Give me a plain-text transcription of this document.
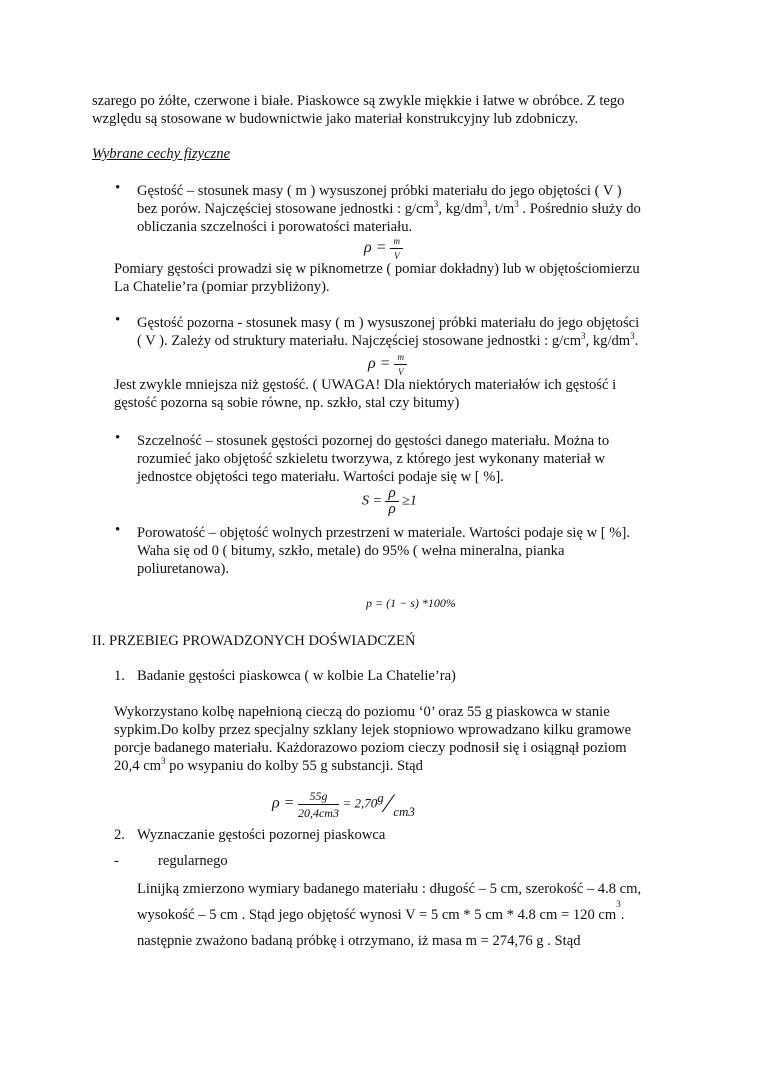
szarego po żółte, czerwone i białe. Piaskowce są zwykle miękkie i łatwe w obróbce. Z tego
względu są stosowane w budownictwie jako materiał konstrukcyjny lub zdobniczy.
Wybrane cechy fizyczne
• Gęstość – stosunek masy ( m ) wysuszonej próbki materiału do jego objętości ( V )
bez porów. Najczęściej stosowane jednostki : $g/cm^3$, $kg/dm^3$, $t/m^3$ . Pośrednio służy do
obliczania szczelności i porowatości materiału.
$\rho = \frac{m}{V}$
Pomiary gęstości prowadzi się w piknometrze ( pomiar dokładny) lub w objętościomierzu
La Chatelie’ra (pomiar przybliżony).
• Gęstość pozorna - stosunek masy ( m ) wysuszonej próbki materiału do jego objętości
( V ). Zależy od struktury materiału. Najczęściej stosowane jednostki : $g/cm^3$, $kg/dm^3$.
$\rho = \frac{m}{V}$
Jest zwykle mniejsza niż gęstość. ( UWAGA! Dla niektórych materiałów ich gęstość i
gęstość pozorna są sobie równe, np. szkło, stal czy bitumy)
• Szczelność – stosunek gęstości pozornej do gęstości danego materiału. Można to
rozumieć jako objętość szkieletu tworzywa, z którego jest wykonany materiał w
jednostce objętości tego materiału. Wartości podaje się w [ %].
$S = \frac{\rho}{\rho} \ge 1$
• Porowatość – objętość wolnych przestrzeni w materiale. Wartości podaje się w [ %].
Waha się od 0 ( bitumy, szkło, metale) do 95% ( wełna mineralna, pianka
poliuretanowa).
p = (1 − s) *100%
II. PRZEBIEG PROWADZONYCH DOŚWIADCZEŃ
1. Badanie gęstości piaskowca ( w kolbie La Chatelie’ra)
Wykorzystano kolbę napełnioną cieczą do poziomu ‘0’ oraz 55 g piaskowca w stanie
sypkim.Do kolby przez specjalny szklany lejek stopniowo wprowadzano kilku gramowe
porcje badanego materiału. Każdorazowo poziom cieczy podnosił się i osiągnął poziom
20,4 $cm^3$ po wsypaniu do kolby 55 g substancji. Stąd
$\rho = \frac{55g}{20,4cm3} = 2,70$ g ⁄ cm3
2. Wyznaczanie gęstości pozornej piaskowca
-	regularnego
Linijką zmierzono wymiary badanego materiału : długość – 5 cm, szerokość – 4.8 cm,
wysokość – 5 cm . Stąd jego objętość wynosi V = 5 cm * 5 cm * 4.8 cm = 120 $cm^3$.
następnie zważono badaną próbkę i otrzymano, iż masa m = 274,76 g . Stąd
